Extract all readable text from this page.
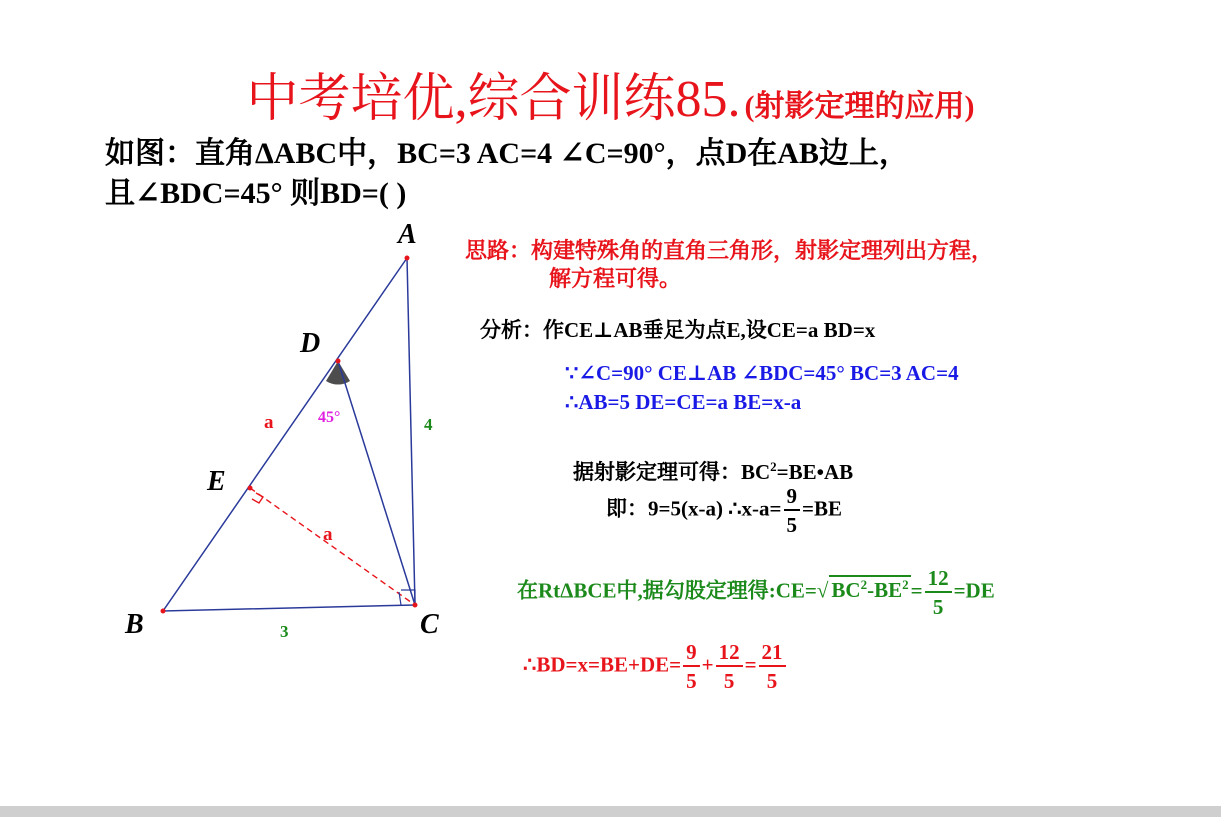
中考培优,综合训练85. (射影定理的应用)
如图：直角ΔABC中，BC=3 AC=4 ∠C=90°，点D在AB边上，
且∠BDC=45° 则BD=( )
A
B	C
D
E
a	45°	4
a
3
思路：构建特殊角的直角三角形，射影定理列出方程，
解方程可得。
分析：作CE⊥AB垂足为点E,设CE=a BD=x
∵∠C=90° CE⊥AB ∠BDC=45° BC=3 AC=4
∴AB=5 DE=CE=a BE=x-a
据射影定理可得：$BC^2=BE•AB$
即：9=5(x-a) ∴x-a= $\frac{9}{5} =BE$
在RtΔBCE中,据勾股定理得:CE=√ $BC^2-BE^2= \frac{12}{5} =DE$
∴BD=x=BE+DE= $\frac{9}{5} + \frac{12}{5} = \frac{21}{5}$
